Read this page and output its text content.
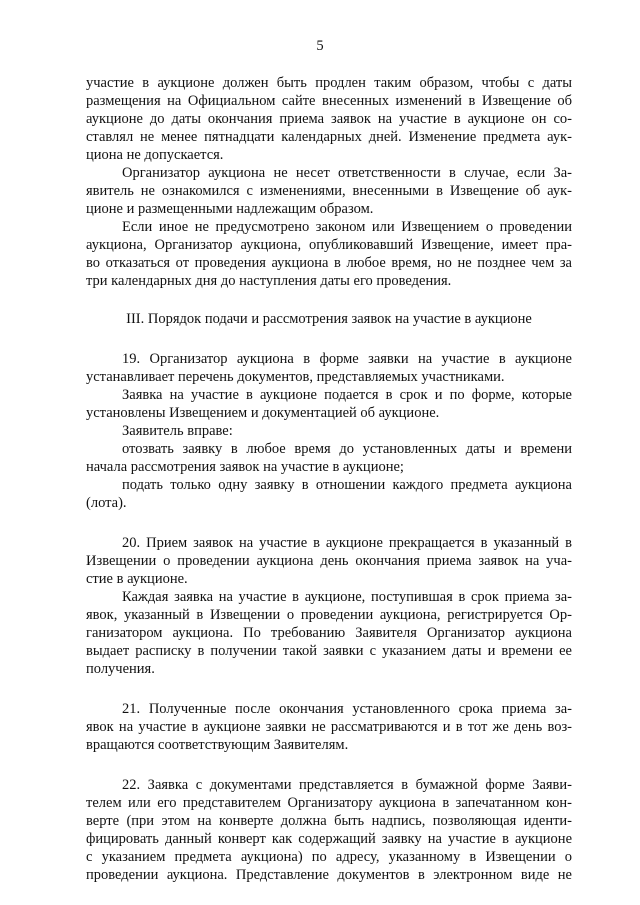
5
участие в аукционе должен быть продлен таким образом, чтобы с даты
размещения на Официальном сайте внесенных изменений в Извещение об
аукционе до даты окончания приема заявок на участие в аукционе он со-
ставлял не менее пятнадцати календарных дней. Изменение предмета аук-
циона не допускается.
Организатор аукциона не несет ответственности в случае, если За-
явитель не ознакомился с изменениями, внесенными в Извещение об аук-
ционе и размещенными надлежащим образом.
Если иное не предусмотрено законом или Извещением о проведении
аукциона, Организатор аукциона, опубликовавший Извещение, имеет пра-
во отказаться от проведения аукциона в любое время, но не позднее чем за
три календарных дня до наступления даты его проведения.
III. Порядок подачи и рассмотрения заявок на участие в аукционе
19. Организатор аукциона в форме заявки на участие в аукционе
устанавливает перечень документов, представляемых участниками.
Заявка на участие в аукционе подается в срок и по форме, которые
установлены Извещением и документацией об аукционе.
Заявитель вправе:
отозвать заявку в любое время до установленных даты и времени
начала рассмотрения заявок на участие в аукционе;
подать только одну заявку в отношении каждого предмета аукциона
(лота).
20. Прием заявок на участие в аукционе прекращается в указанный в
Извещении о проведении аукциона день окончания приема заявок на уча-
стие в аукционе.
Каждая заявка на участие в аукционе, поступившая в срок приема за-
явок, указанный в Извещении о проведении аукциона, регистрируется Ор-
ганизатором аукциона. По требованию Заявителя Организатор аукциона
выдает расписку в получении такой заявки с указанием даты и времени ее
получения.
21. Полученные после окончания установленного срока приема за-
явок на участие в аукционе заявки не рассматриваются и в тот же день воз-
вращаются соответствующим Заявителям.
22. Заявка с документами представляется в бумажной форме Заяви-
телем или его представителем Организатору аукциона в запечатанном кон-
верте (при этом на конверте должна быть надпись, позволяющая иденти-
фицировать данный конверт как содержащий заявку на участие в аукционе
с указанием предмета аукциона) по адресу, указанному в Извещении о
проведении аукциона. Представление документов в электронном виде не
